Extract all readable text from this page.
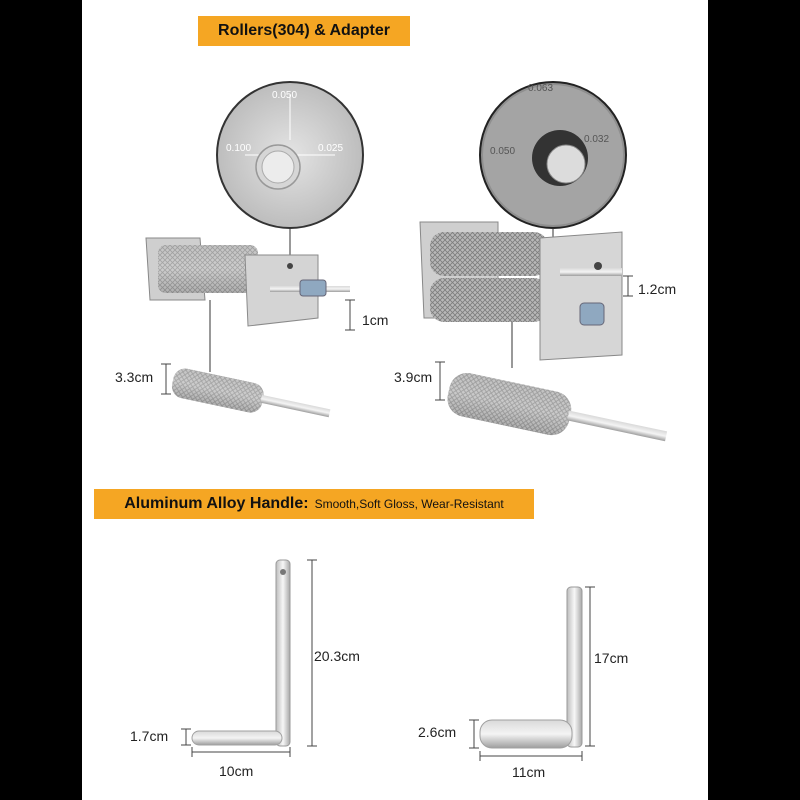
0.050
0.100	0.025
0.063
0.032
0.050
Rollers(304) & Adapter
Aluminum Alloy Handle: Smooth,Soft Gloss, Wear-Resistant
1cm
3.3cm
1.2cm
3.9cm
20.3cm
1.7cm
10cm
17cm
2.6cm
11cm
